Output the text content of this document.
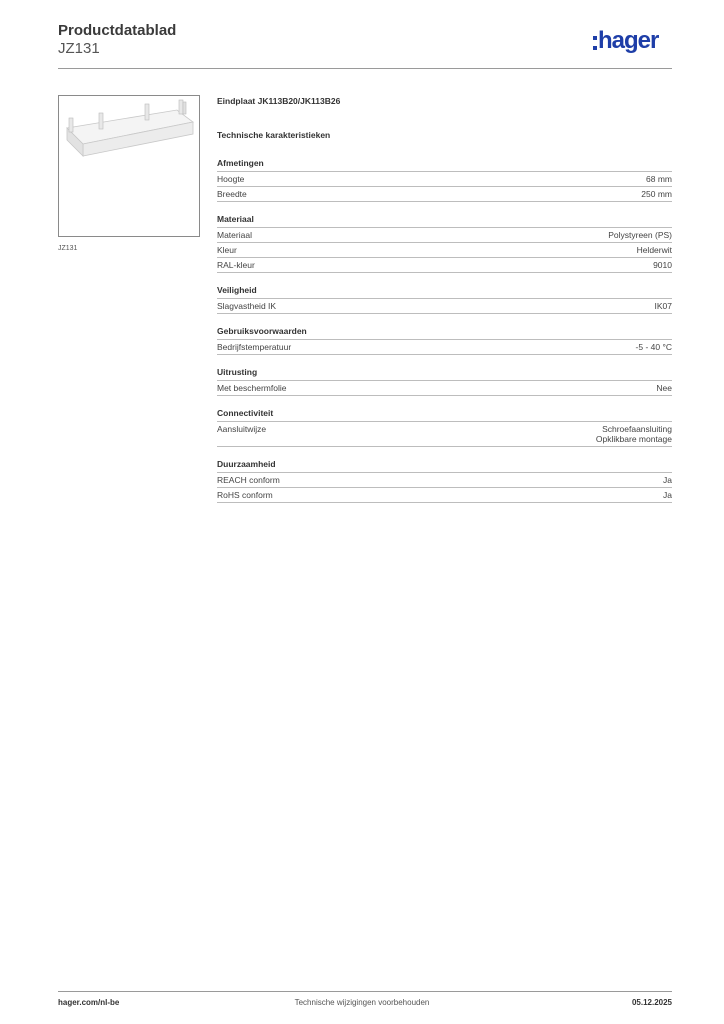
Productdatablad
JZ131	hager
JZ131
Eindplaat JK113B20/JK113B26
Technische karakteristieken
Afmetingen
Hoogte	68 mm
Breedte	250 mm
Materiaal
Materiaal	Polystyreen (PS)
Kleur	Helderwit
RAL-kleur	9010
Veiligheid
Slagvastheid IK	IK07
Gebruiksvoorwaarden
Bedrijfstemperatuur	-5 - 40 °C
Uitrusting
Met beschermfolie	Nee
Connectiviteit
Aansluitwijze	Schroefaansluiting
Opklikbare montage
Duurzaamheid
REACH conform	Ja
RoHS conform	Ja
hager.com/nl-be	Technische wijzigingen voorbehouden	05.12.2025
